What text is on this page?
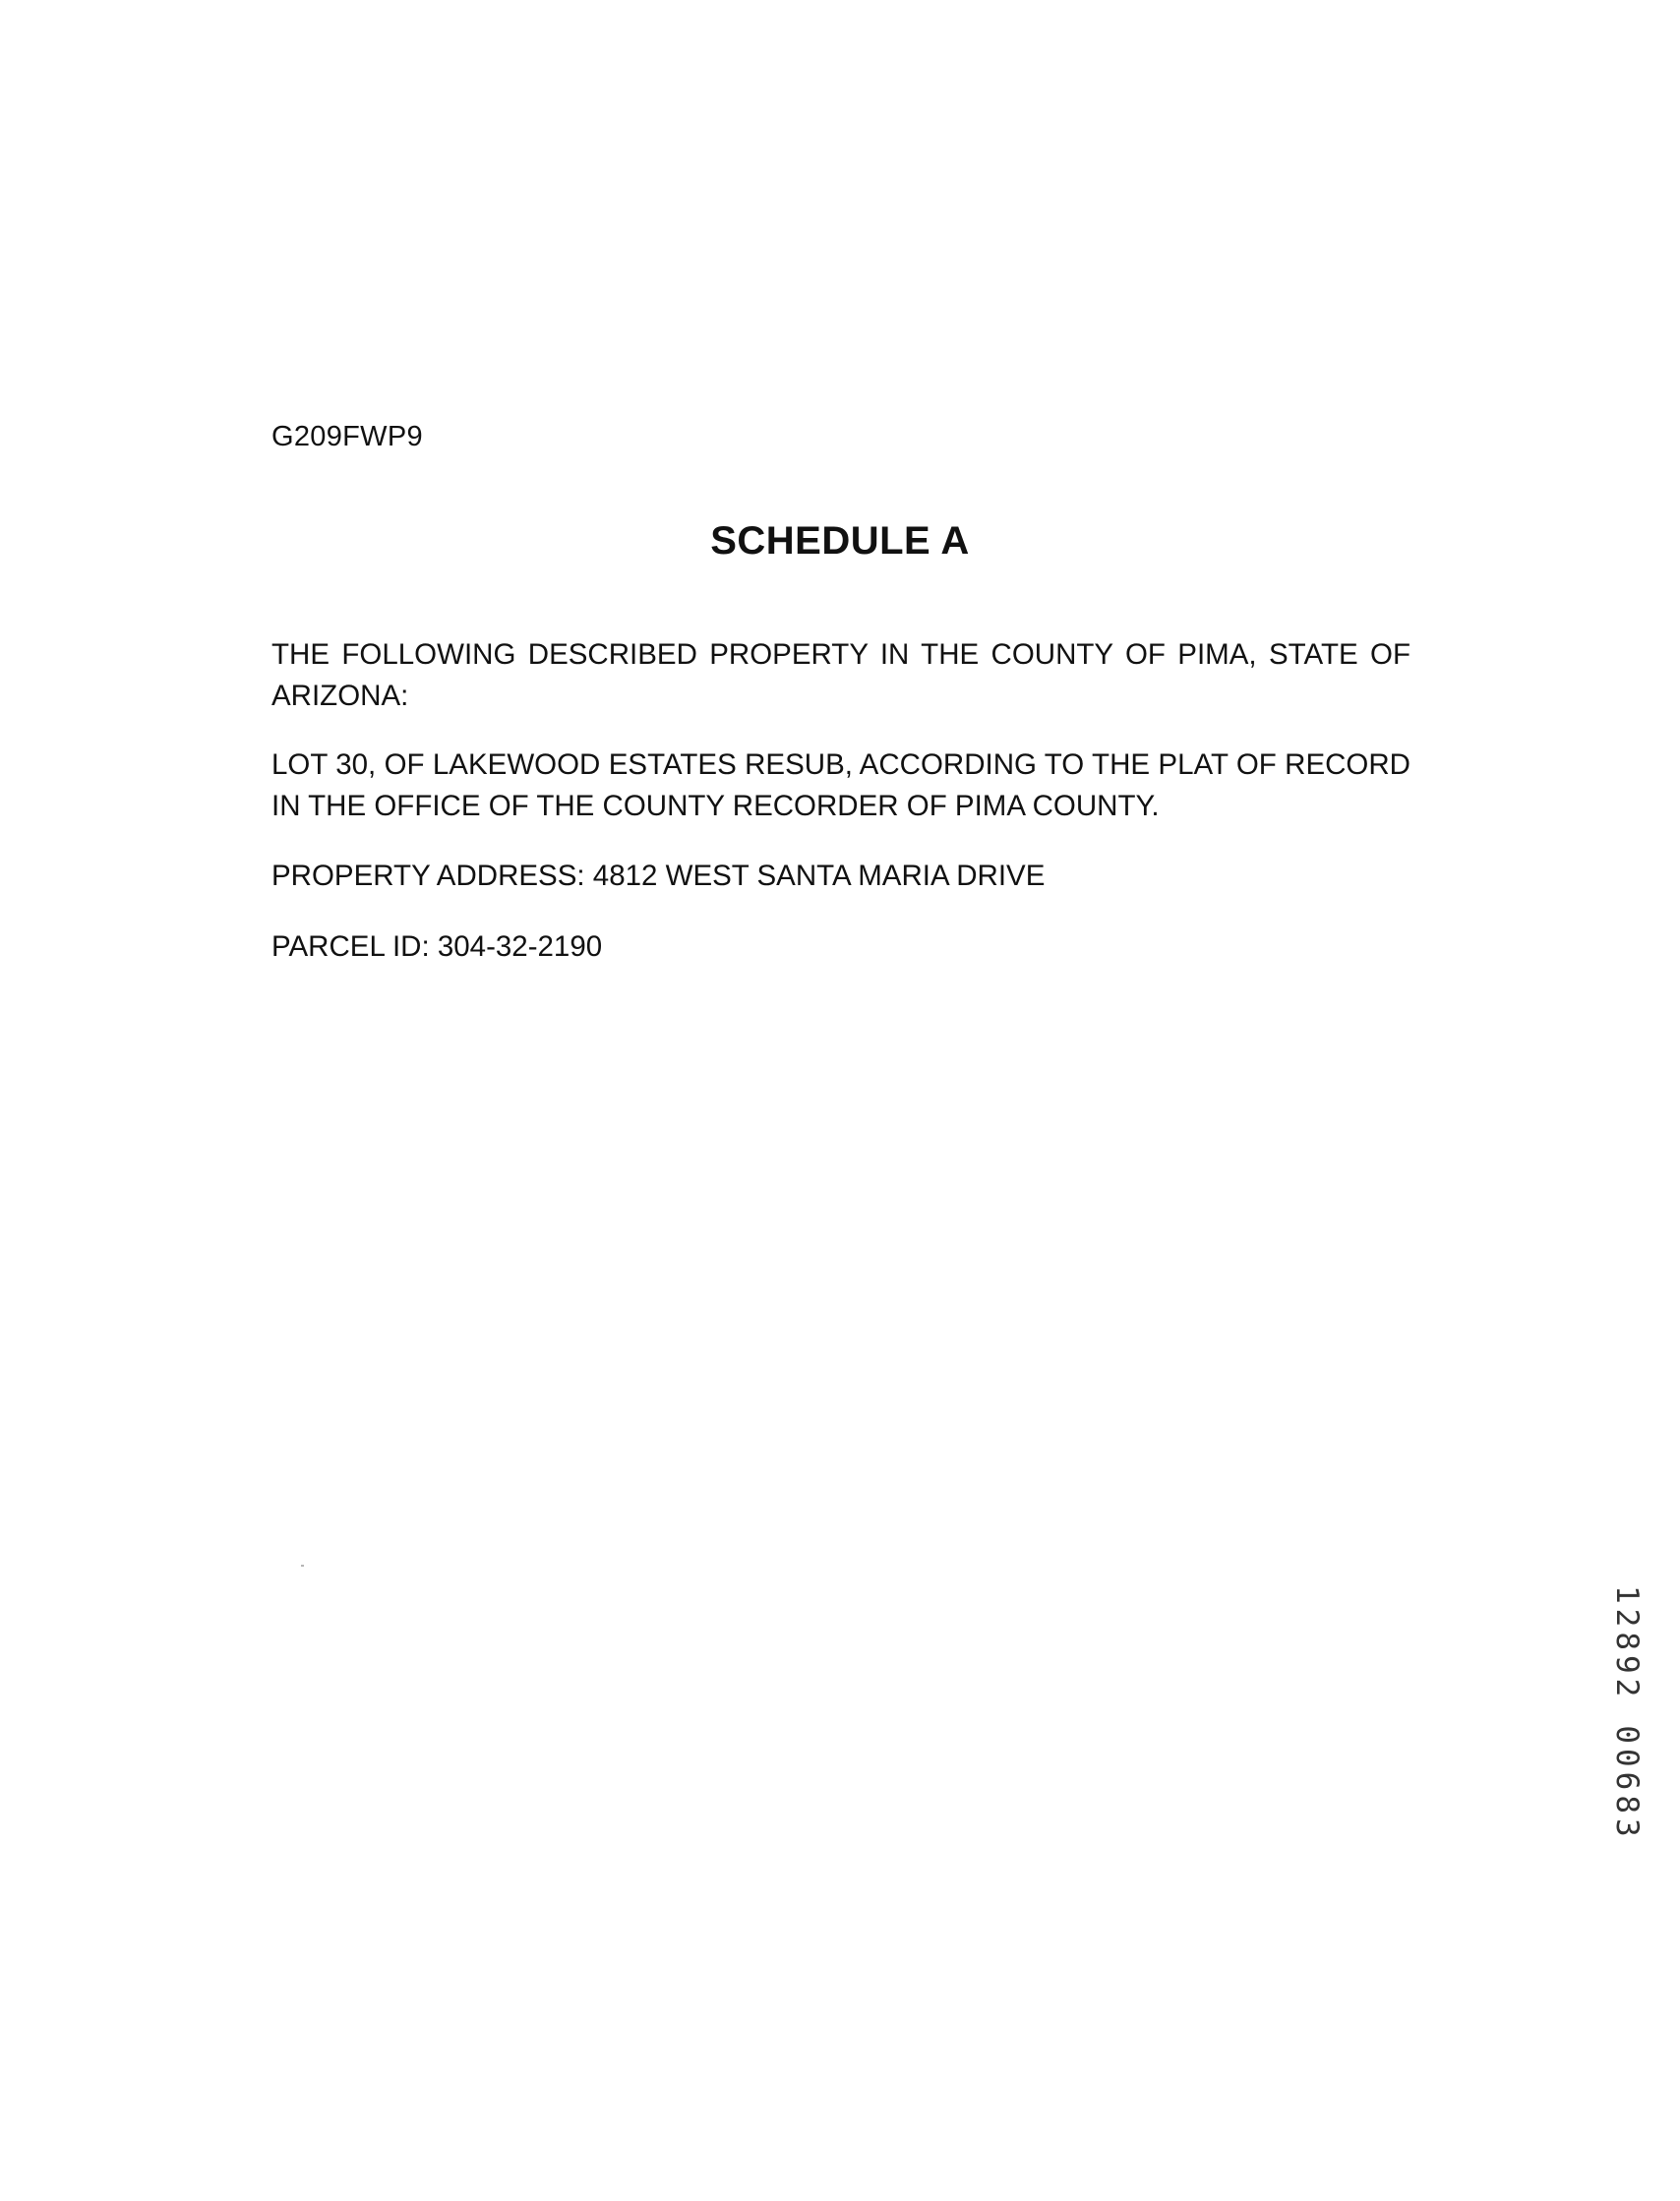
G209FWP9
SCHEDULE A

THE FOLLOWING DESCRIBED PROPERTY IN THE COUNTY OF PIMA, STATE OF ARIZONA:

LOT 30, OF LAKEWOOD ESTATES RESUB, ACCORDING TO THE PLAT OF RECORD IN THE OFFICE OF THE COUNTY RECORDER OF PIMA COUNTY.

PROPERTY ADDRESS: 4812 WEST SANTA MARIA DRIVE

PARCEL ID: 304-32-2190

1289200683
